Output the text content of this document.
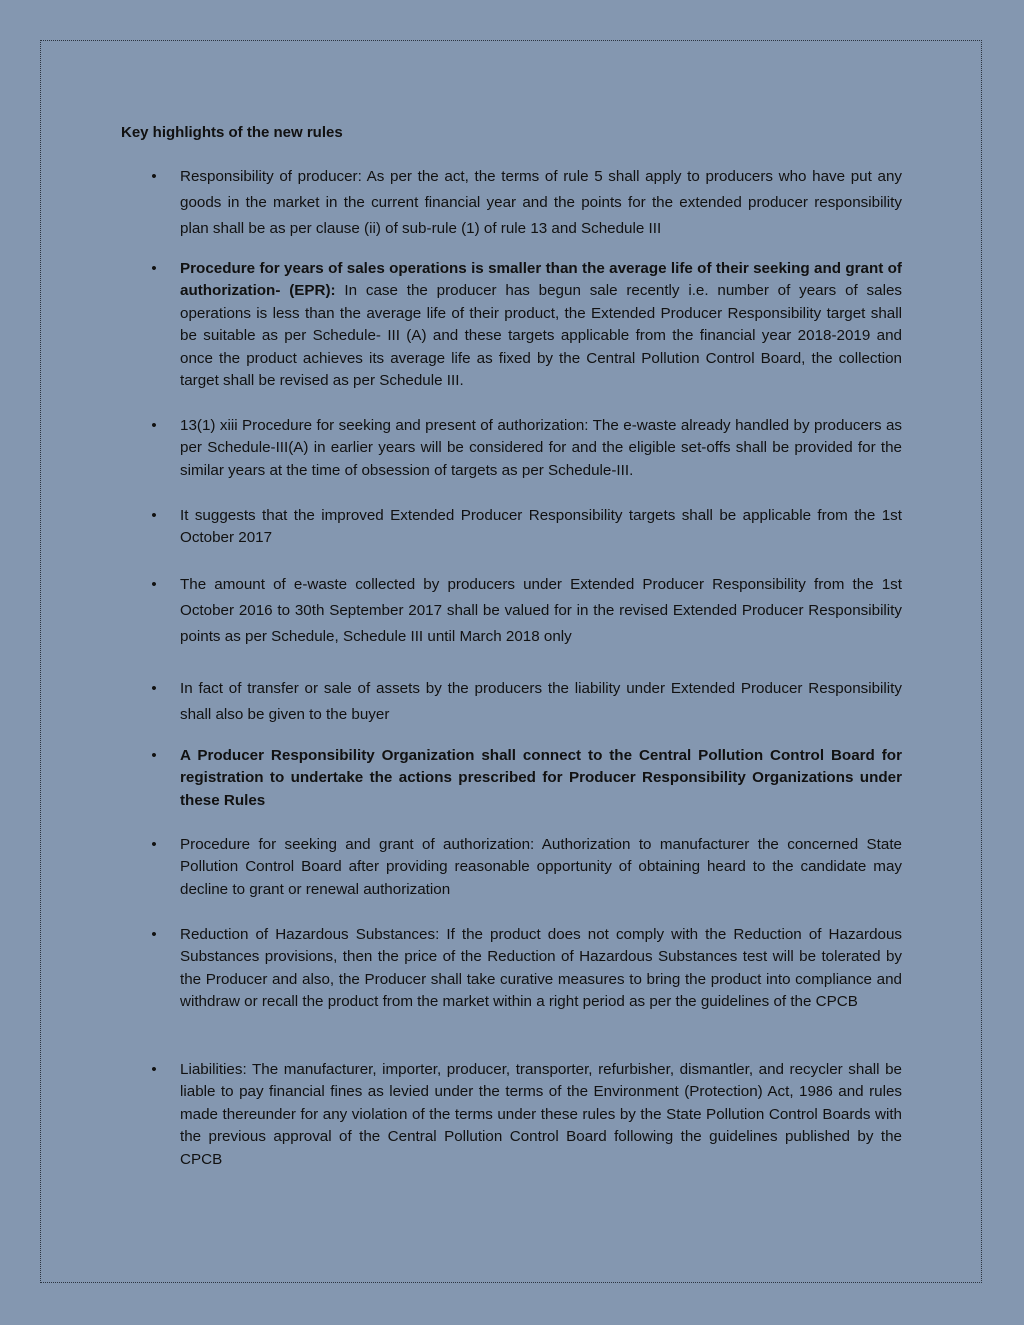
Key highlights of the new rules
• Responsibility of producer: As per the act, the terms of rule 5 shall apply to producers who have put any goods in the market in the current financial year and the points for the extended producer responsibility plan shall be as per clause (ii) of sub-rule (1) of rule 13 and Schedule III
• Procedure for years of sales operations is smaller than the average life of their seeking and grant of authorization- (EPR): In case the producer has begun sale recently i.e. number of years of sales operations is less than the average life of their product, the Extended Producer Responsibility target shall be suitable as per Schedule- III (A) and these targets applicable from the financial year 2018-2019 and once the product achieves its average life as fixed by the Central Pollution Control Board, the collection target shall be revised as per Schedule III.
• 13(1) xiii Procedure for seeking and present of authorization: The e-waste already handled by producers as per Schedule-III(A) in earlier years will be considered for and the eligible set-offs shall be provided for the similar years at the time of obsession of targets as per Schedule-III.
• It suggests that the improved Extended Producer Responsibility targets shall be applicable from the 1st October 2017
• The amount of e-waste collected by producers under Extended Producer Responsibility from the 1st October 2016 to 30th September 2017 shall be valued for in the revised Extended Producer Responsibility points as per Schedule, Schedule III until March 2018 only
• In fact of transfer or sale of assets by the producers the liability under Extended Producer Responsibility shall also be given to the buyer
• A Producer Responsibility Organization shall connect to the Central Pollution Control Board for registration to undertake the actions prescribed for Producer Responsibility Organizations under these Rules
• Procedure for seeking and grant of authorization: Authorization to manufacturer the concerned State Pollution Control Board after providing reasonable opportunity of obtaining heard to the candidate may decline to grant or renewal authorization
• Reduction of Hazardous Substances: If the product does not comply with the Reduction of Hazardous Substances provisions, then the price of the Reduction of Hazardous Substances test will be tolerated by the Producer and also, the Producer shall take curative measures to bring the product into compliance and withdraw or recall the product from the market within a right period as per the guidelines of the CPCB
• Liabilities: The manufacturer, importer, producer, transporter, refurbisher, dismantler, and recycler shall be liable to pay financial fines as levied under the terms of the Environment (Protection) Act, 1986 and rules made thereunder for any violation of the terms under these rules by the State Pollution Control Boards with the previous approval of the Central Pollution Control Board following the guidelines published by the CPCB
